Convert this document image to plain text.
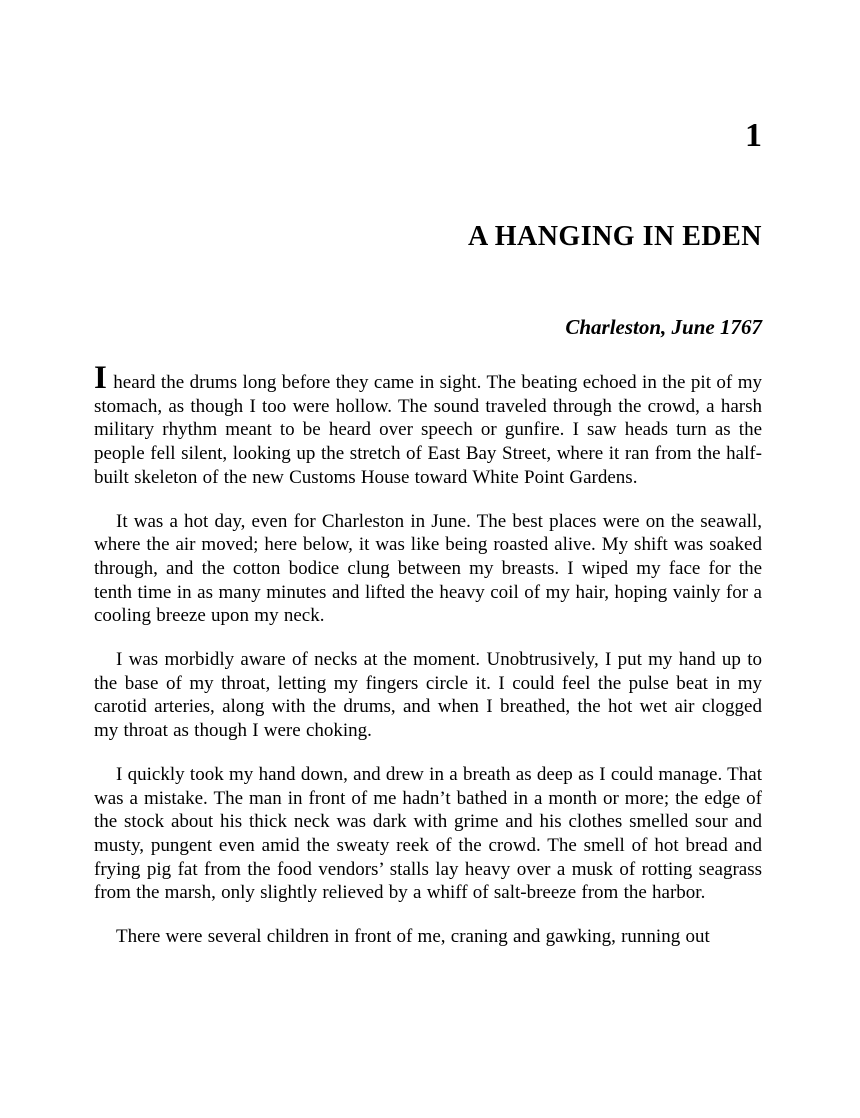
1
A HANGING IN EDEN
Charleston, June 1767

I heard the drums long before they came in sight. The beating echoed in the pit of my stomach, as though I too were hollow. The sound traveled through the crowd, a harsh military rhythm meant to be heard over speech or gunfire. I saw heads turn as the people fell silent, looking up the stretch of East Bay Street, where it ran from the half-built skeleton of the new Customs House toward White Point Gardens.

It was a hot day, even for Charleston in June. The best places were on the seawall, where the air moved; here below, it was like being roasted alive. My shift was soaked through, and the cotton bodice clung between my breasts. I wiped my face for the tenth time in as many minutes and lifted the heavy coil of my hair, hoping vainly for a cooling breeze upon my neck.

I was morbidly aware of necks at the moment. Unobtrusively, I put my hand up to the base of my throat, letting my fingers circle it. I could feel the pulse beat in my carotid arteries, along with the drums, and when I breathed, the hot wet air clogged my throat as though I were choking.

I quickly took my hand down, and drew in a breath as deep as I could manage. That was a mistake. The man in front of me hadn’t bathed in a month or more; the edge of the stock about his thick neck was dark with grime and his clothes smelled sour and musty, pungent even amid the sweaty reek of the crowd. The smell of hot bread and frying pig fat from the food vendors’ stalls lay heavy over a musk of rotting seagrass from the marsh, only slightly relieved by a whiff of salt-breeze from the harbor.

There were several children in front of me, craning and gawking, running out
